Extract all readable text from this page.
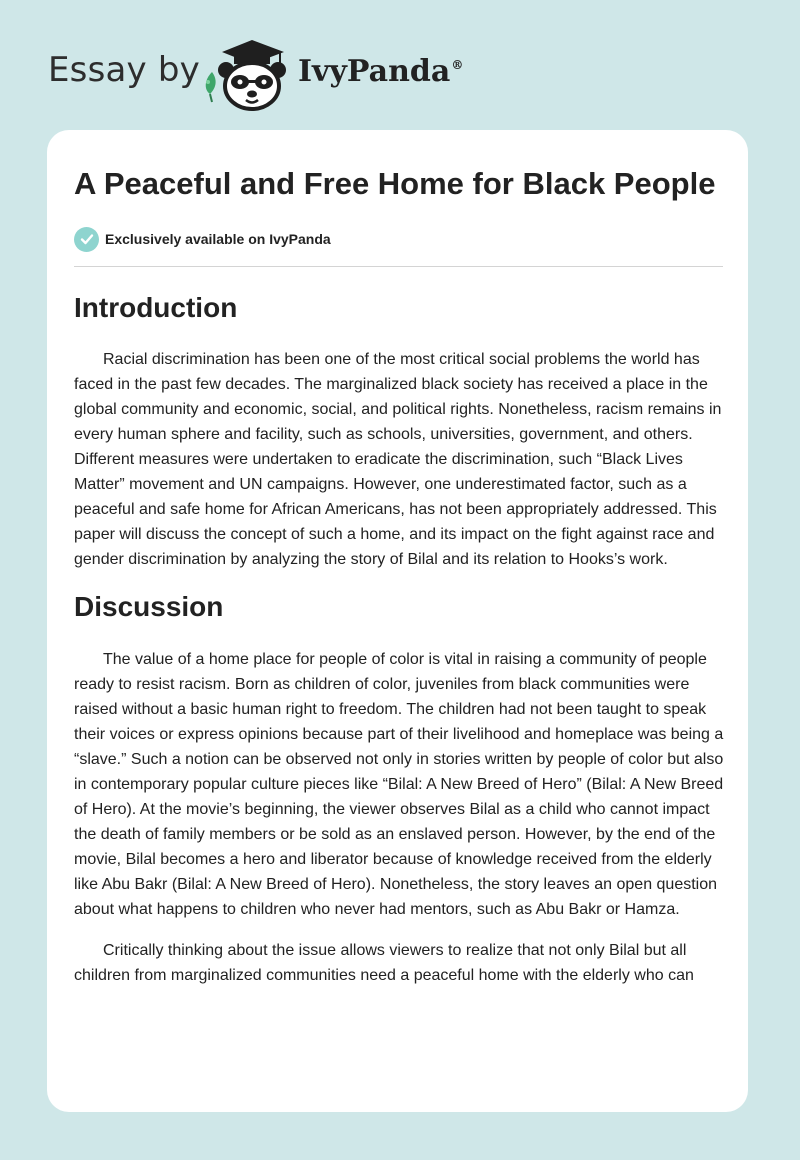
Essay by	IvyPanda®
A Peaceful and Free Home for Black People
Exclusively available on IvyPanda
Introduction

Racial discrimination has been one of the most critical social problems the world has faced in the past few decades. The marginalized black society has received a place in the global community and economic, social, and political rights. Nonetheless, racism remains in every human sphere and facility, such as schools, universities, government, and others. Different measures were undertaken to eradicate the discrimination, such “Black Lives Matter” movement and UN campaigns. However, one underestimated factor, such as a peaceful and safe home for African Americans, has not been appropriately addressed. This paper will discuss the concept of such a home, and its impact on the fight against race and gender discrimination by analyzing the story of Bilal and its relation to Hooks’s work.

Discussion

The value of a home place for people of color is vital in raising a community of people ready to resist racism. Born as children of color, juveniles from black communities were raised without a basic human right to freedom. The children had not been taught to speak their voices or express opinions because part of their livelihood and homeplace was being a “slave.” Such a notion can be observed not only in stories written by people of color but also in contemporary popular culture pieces like “Bilal: A New Breed of Hero” (Bilal: A New Breed of Hero). At the movie’s beginning, the viewer observes Bilal as a child who cannot impact the death of family members or be sold as an enslaved person. However, by the end of the movie, Bilal becomes a hero and liberator because of knowledge received from the elderly like Abu Bakr (Bilal: A New Breed of Hero). Nonetheless, the story leaves an open question about what happens to children who never had mentors, such as Abu Bakr or Hamza.

Critically thinking about the issue allows viewers to realize that not only Bilal but all children from marginalized communities need a peaceful home with the elderly who can
